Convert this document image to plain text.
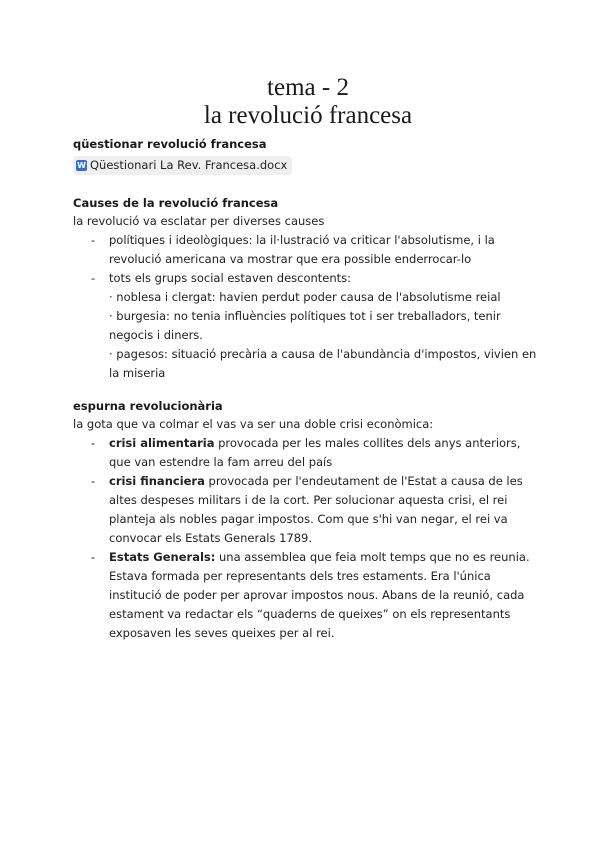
tema - 2
la revolució francesa

qüestionar revolució francesa

W Qüestionari La Rev. Francesa.docx

Causes de la revolució francesa

la revolució va esclatar per diverses causes

- polítiques i ideològiques: la il·lustració va criticar l'absolutisme, i la revolució americana va mostrar que era possible enderrocar-lo
- tots els grups social estaven descontents:
· noblesa i clergat: havien perdut poder causa de l'absolutisme reial
· burgesia: no tenia influències polítiques tot i ser treballadors, tenir negocis i diners.
· pagesos: situació precària a causa de l'abundància d'impostos, vivien en la miseria

espurna revolucionària

la gota que va colmar el vas va ser una doble crisi econòmica:

- crisi alimentaria provocada per les males collites dels anys anteriors, que van estendre la fam arreu del país
- crisi financiera provocada per l'endeutament de l'Estat a causa de les altes despeses militars i de la cort. Per solucionar aquesta crisi, el rei planteja als nobles pagar impostos. Com que s'hi van negar, el rei va convocar els Estats Generals 1789.
- Estats Generals: una assemblea que feia molt temps que no es reunia. Estava formada per representants dels tres estaments. Era l'única institució de poder per aprovar impostos nous. Abans de la reunió, cada estament va redactar els “quaderns de queixes” on els representants exposaven les seves queixes per al rei.
